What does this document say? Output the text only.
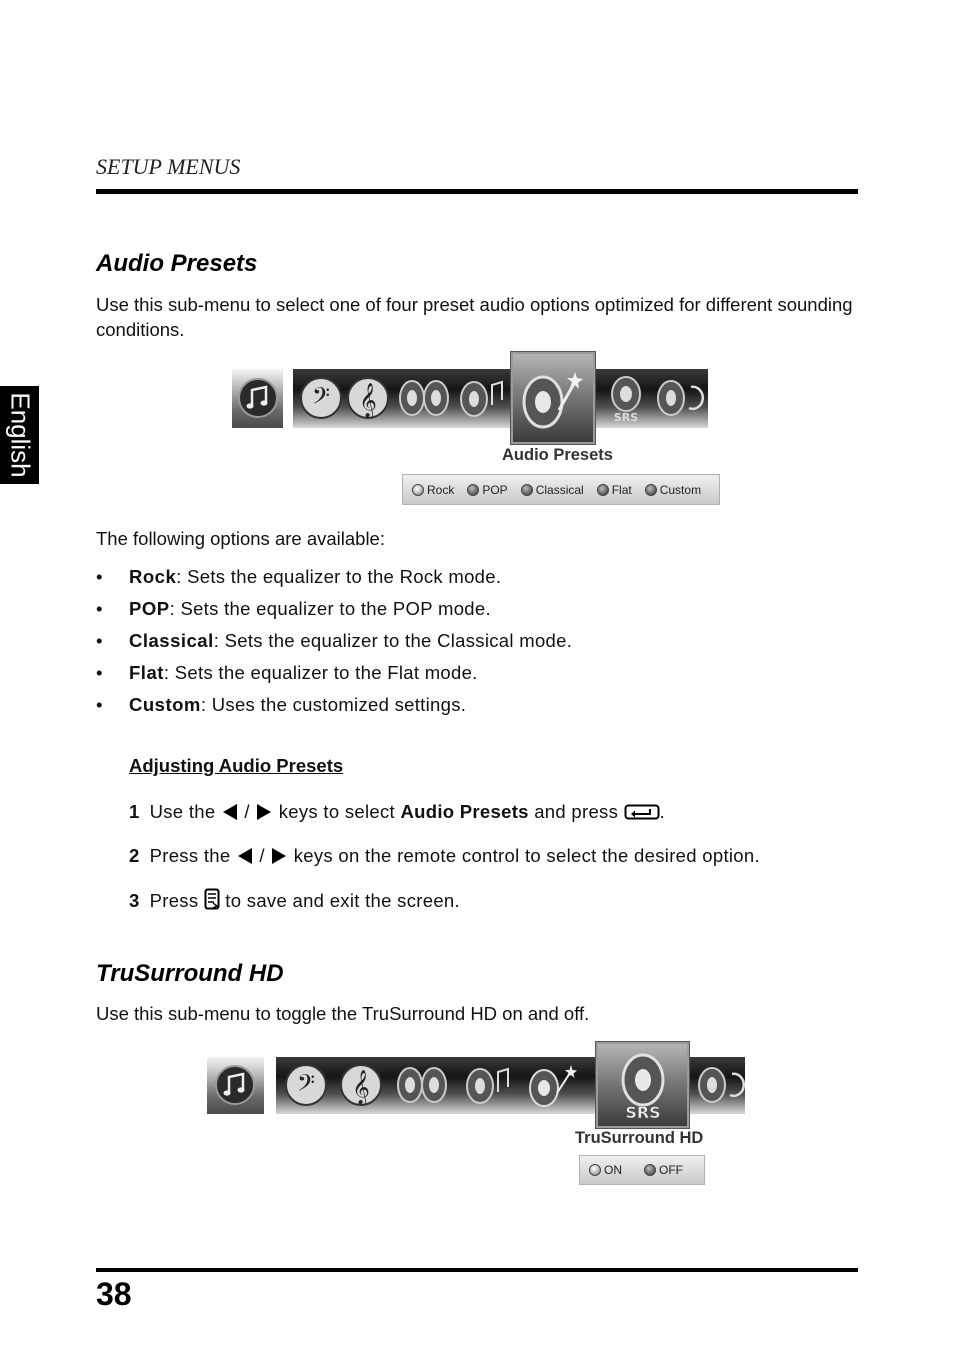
SETUP MENUS
English
Audio Presets

Use this sub-menu to select one of four preset audio options optimized for different sounding conditions.

𝄢 𝄞	SRS
Audio Presets
Rock POP Classical Flat Custom

The following options are available:

• Rock: Sets the equalizer to the Rock mode.
• POP: Sets the equalizer to the POP mode.
• Classical: Sets the equalizer to the Classical mode.
• Flat: Sets the equalizer to the Flat mode.
• Custom: Uses the customized settings.
Adjusting Audio Presets
1 Use the / keys to select Audio Presets and press .
2 Press the / keys on the remote control to select the desired option.
3 Press to save and exit the screen.
TruSurround HD

Use this sub-menu to toggle the TruSurround HD on and off.

𝄢 𝄞
SRS
TruSurround HD
ON	OFF
38
